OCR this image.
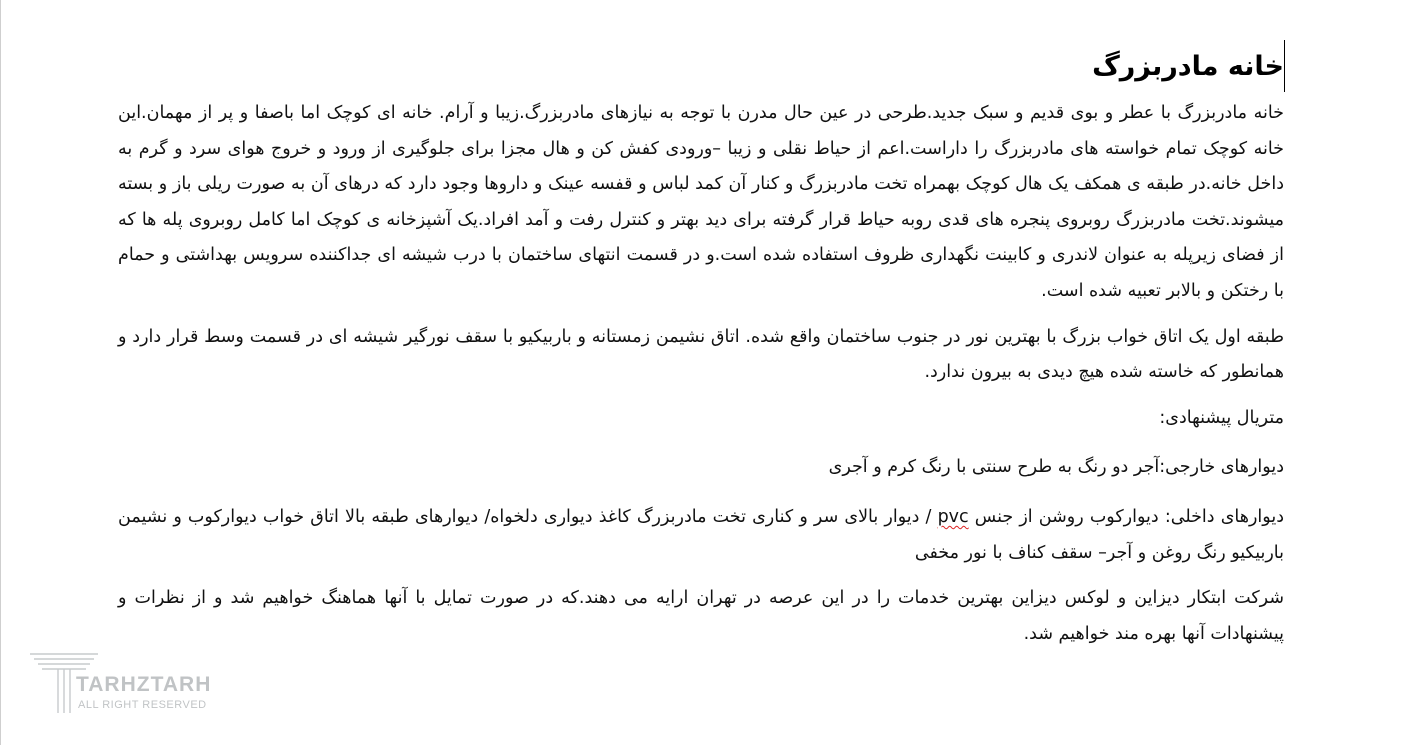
خانه مادربزرگ

خانه مادربزرگ با عطر و بوی قدیم و سبک جدید.طرحی در عین حال مدرن با توجه به نیازهای مادربزرگ.زیبا و آرام. خانه ای کوچک اما باصفا و پر از مهمان.این خانه کوچک تمام خواسته های مادربزرگ را داراست.اعم از حیاط نقلی و زیبا –ورودی کفش کن و هال مجزا برای جلوگیری از ورود و خروج هوای سرد و گرم به داخل خانه.در طبقه ی همکف یک هال کوچک بهمراه تخت مادربزرگ و کنار آن کمد لباس و قفسه عینک و داروها وجود دارد که درهای آن به صورت ریلی باز و بسته میشوند.تخت مادربزرگ روبروی پنجره های قدی روبه حیاط قرار گرفته برای دید بهتر و کنترل رفت و آمد افراد.یک آشپزخانه ی کوچک اما کامل روبروی پله ها که از فضای زیرپله به عنوان لاندری و کابینت نگهداری ظروف استفاده شده است.و در قسمت انتهای ساختمان با درب شیشه ای جداکننده سرویس بهداشتی و حمام با رختکن و بالابر تعبیه شده است.

طبقه اول یک اتاق خواب بزرگ با بهترین نور در جنوب ساختمان واقع شده. اتاق نشیمن زمستانه و باربیکیو با سقف نورگیر شیشه ای در قسمت وسط قرار دارد و همانطور که خاسته شده هیچ دیدی به بیرون ندارد.

متریال پیشنهادی:

دیوارهای خارجی:آجر دو رنگ به طرح سنتی با رنگ کرم و آجری

دیوارهای داخلی: دیوارکوب روشن از جنس pvc / دیوار بالای سر و کناری تخت مادربزرگ کاغذ دیواری دلخواه/ دیوارهای طبقه بالا اتاق خواب دیوارکوب و نشیمن باربیکیو رنگ روغن و آجر– سقف کناف با نور مخفی

شرکت ابتکار دیزاین و لوکس دیزاین بهترین خدمات را در این عرصه در تهران ارایه می دهند.که در صورت تمایل با آنها هماهنگ خواهیم شد و از نظرات و پیشنهادات آنها بهره مند خواهیم شد.

TARHZTARH
ALL RIGHT RESERVED
